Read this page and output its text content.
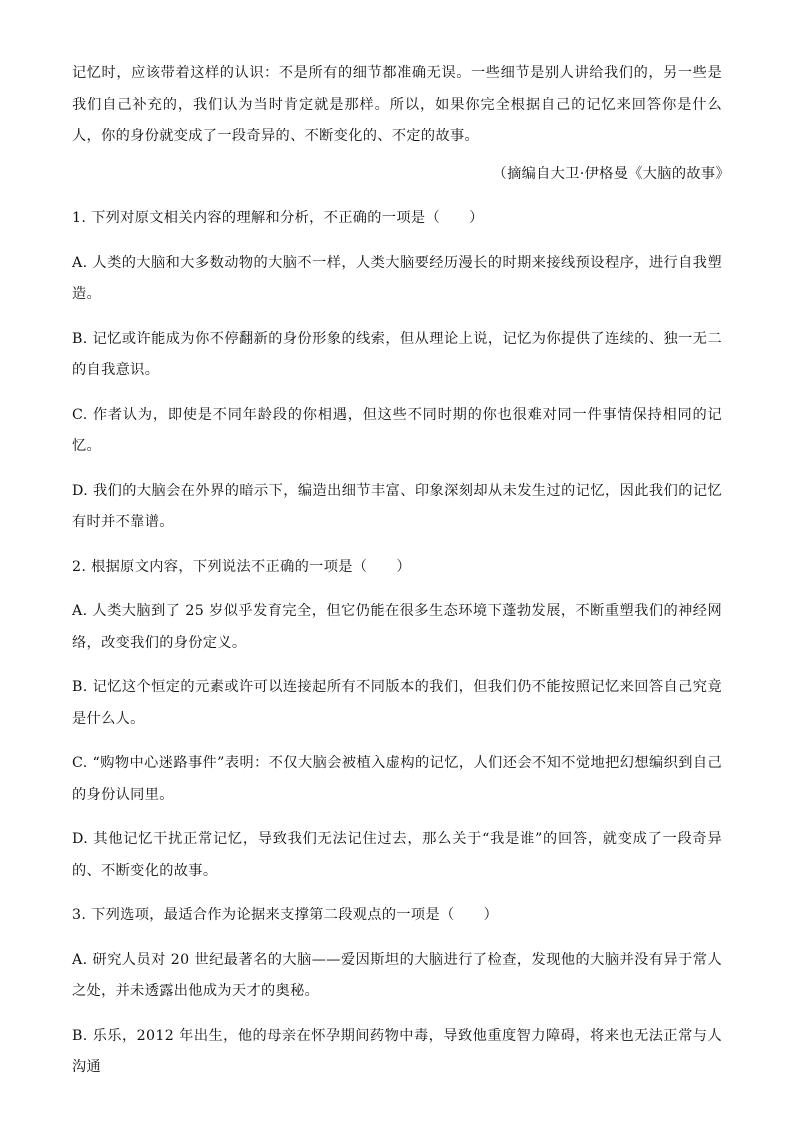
记忆时，应该带着这样的认识：不是所有的细节都准确无误。一些细节是别人讲给我们的，另一些是我们自己补充的，我们认为当时肯定就是那样。所以，如果你完全根据自己的记忆来回答你是什么人，你的身份就变成了一段奇异的、不断变化的、不定的故事。

（摘编自大卫·伊格曼《大脑的故事》

1. 下列对原文相关内容的理解和分析，不正确的一项是（　　）

A. 人类的大脑和大多数动物的大脑不一样，人类大脑要经历漫长的时期来接线预设程序，进行自我塑造。

B. 记忆或许能成为你不停翻新的身份形象的线索，但从理论上说，记忆为你提供了连续的、独一无二的自我意识。

C. 作者认为，即使是不同年龄段的你相遇，但这些不同时期的你也很难对同一件事情保持相同的记忆。

D. 我们的大脑会在外界的暗示下，编造出细节丰富、印象深刻却从未发生过的记忆，因此我们的记忆有时并不靠谱。

2. 根据原文内容，下列说法不正确的一项是（　　）

A. 人类大脑到了 25 岁似乎发育完全，但它仍能在很多生态环境下蓬勃发展，不断重塑我们的神经网络，改变我们的身份定义。

B. 记忆这个恒定的元素或许可以连接起所有不同版本的我们，但我们仍不能按照记忆来回答自己究竟是什么人。

C. “购物中心迷路事件”表明：不仅大脑会被植入虚构的记忆，人们还会不知不觉地把幻想编织到自己的身份认同里。

D. 其他记忆干扰正常记忆，导致我们无法记住过去，那么关于“我是谁”的回答，就变成了一段奇异的、不断变化的故事。

3. 下列选项，最适合作为论据来支撑第二段观点的一项是（　　）

A. 研究人员对 20 世纪最著名的大脑——爱因斯坦的大脑进行了检查，发现他的大脑并没有异于常人之处，并未透露出他成为天才的奥秘。

B. 乐乐，2012 年出生，他的母亲在怀孕期间药物中毒，导致他重度智力障碍，将来也无法正常与人沟通
